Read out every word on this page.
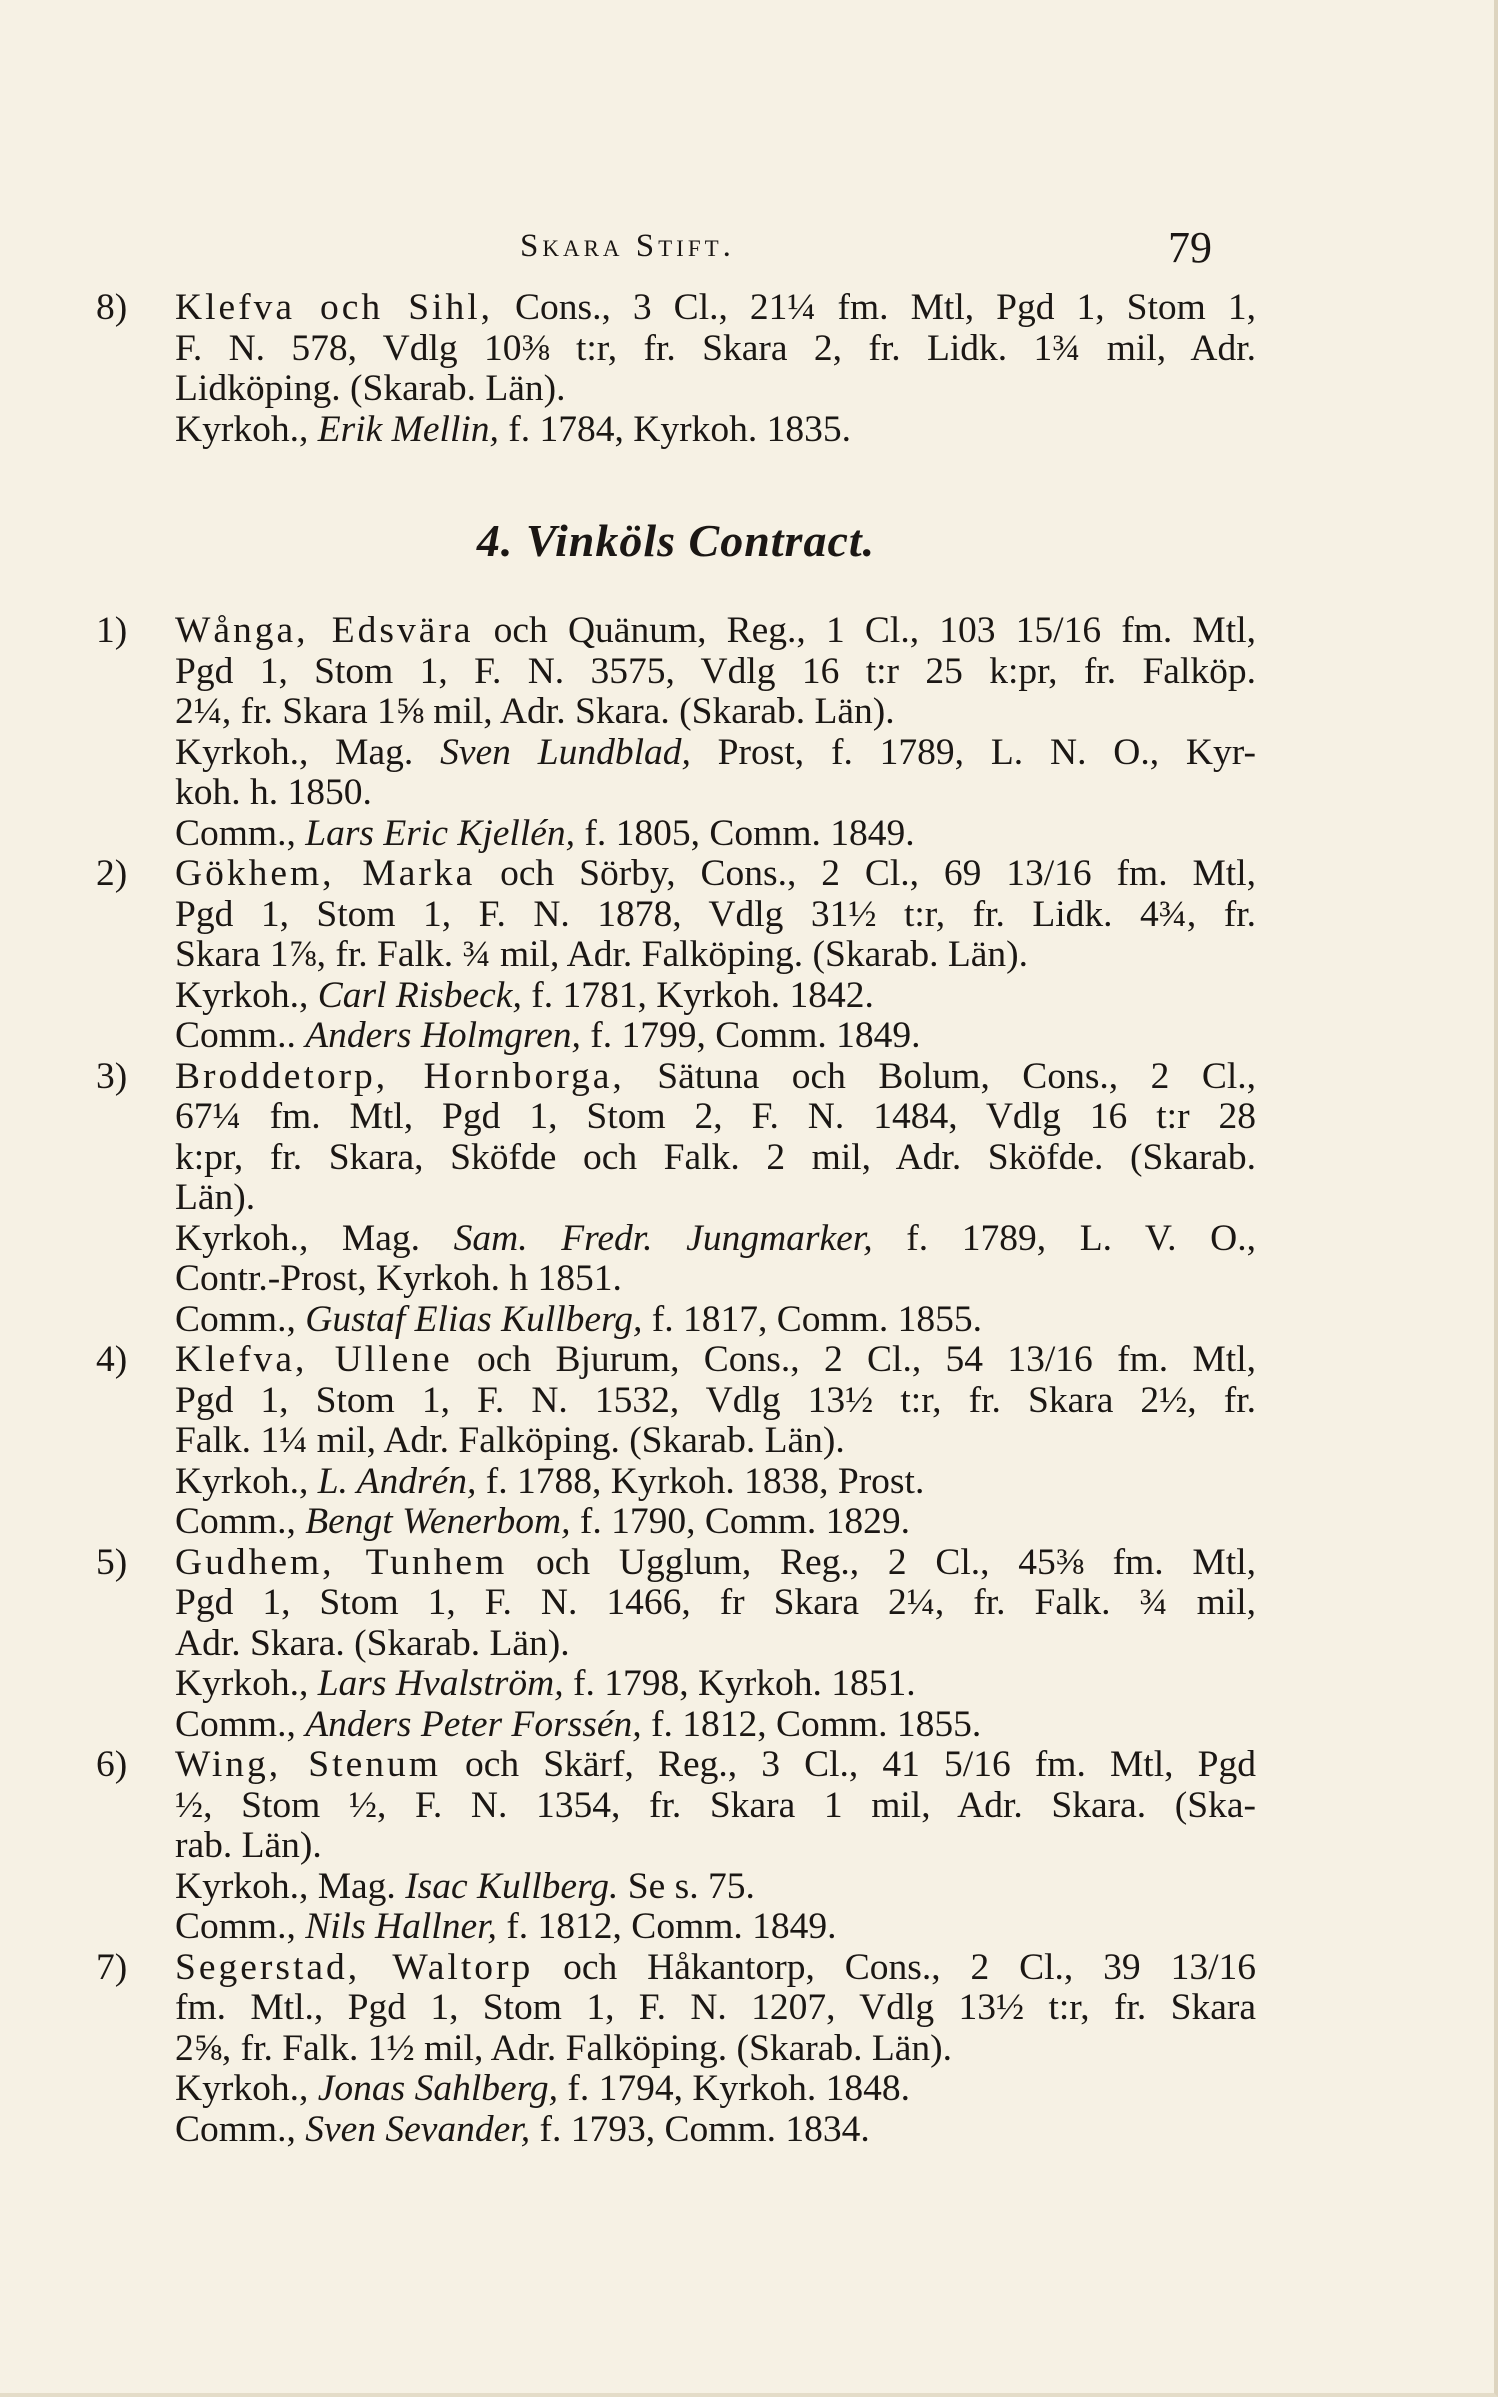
Skara Stift.	79
8) Klefva och Sihl, Cons., 3 Cl., 21¼ fm. Mtl, Pgd 1, Stom 1,
F. N. 578, Vdlg 10⅜ t:r, fr. Skara 2, fr. Lidk. 1¾ mil, Adr.
Lidköping. (Skarab. Län).
Kyrkoh., Erik Mellin, f. 1784, Kyrkoh. 1835.
4. Vinköls Contract.
1) Wånga, Edsvära och Quänum, Reg., 1 Cl., 103 15/16 fm. Mtl,
Pgd 1, Stom 1, F. N. 3575, Vdlg 16 t:r 25 k:pr, fr. Falköp.
2¼, fr. Skara 1⅝ mil, Adr. Skara. (Skarab. Län).
Kyrkoh., Mag. Sven Lundblad, Prost, f. 1789, L. N. O., Kyr-
koh. h. 1850.
Comm., Lars Eric Kjellén, f. 1805, Comm. 1849.
2) Gökhem, Marka och Sörby, Cons., 2 Cl., 69 13/16 fm. Mtl,
Pgd 1, Stom 1, F. N. 1878, Vdlg 31½ t:r, fr. Lidk. 4¾, fr.
Skara 1⅞, fr. Falk. ¾ mil, Adr. Falköping. (Skarab. Län).
Kyrkoh., Carl Risbeck, f. 1781, Kyrkoh. 1842.
Comm.. Anders Holmgren, f. 1799, Comm. 1849.
3) Broddetorp, Hornborga, Sätuna och Bolum, Cons., 2 Cl.,
67¼ fm. Mtl, Pgd 1, Stom 2, F. N. 1484, Vdlg 16 t:r 28
k:pr, fr. Skara, Sköfde och Falk. 2 mil, Adr. Sköfde. (Skarab.
Län).
Kyrkoh., Mag. Sam. Fredr. Jungmarker, f. 1789, L. V. O.,
Contr.-Prost, Kyrkoh. h 1851.
Comm., Gustaf Elias Kullberg, f. 1817, Comm. 1855.
4) Klefva, Ullene och Bjurum, Cons., 2 Cl., 54 13/16 fm. Mtl,
Pgd 1, Stom 1, F. N. 1532, Vdlg 13½ t:r, fr. Skara 2½, fr.
Falk. 1¼ mil, Adr. Falköping. (Skarab. Län).
Kyrkoh., L. Andrén, f. 1788, Kyrkoh. 1838, Prost.
Comm., Bengt Wenerbom, f. 1790, Comm. 1829.
5) Gudhem, Tunhem och Ugglum, Reg., 2 Cl., 45⅜ fm. Mtl,
Pgd 1, Stom 1, F. N. 1466, fr Skara 2¼, fr. Falk. ¾ mil,
Adr. Skara. (Skarab. Län).
Kyrkoh., Lars Hvalström, f. 1798, Kyrkoh. 1851.
Comm., Anders Peter Forssén, f. 1812, Comm. 1855.
6) Wing, Stenum och Skärf, Reg., 3 Cl., 41 5/16 fm. Mtl, Pgd
½, Stom ½, F. N. 1354, fr. Skara 1 mil, Adr. Skara. (Ska-
rab. Län).
Kyrkoh., Mag. Isac Kullberg. Se s. 75.
Comm., Nils Hallner, f. 1812, Comm. 1849.
7) Segerstad, Waltorp och Håkantorp, Cons., 2 Cl., 39 13/16
fm. Mtl., Pgd 1, Stom 1, F. N. 1207, Vdlg 13½ t:r, fr. Skara
2⅝, fr. Falk. 1½ mil, Adr. Falköping. (Skarab. Län).
Kyrkoh., Jonas Sahlberg, f. 1794, Kyrkoh. 1848.
Comm., Sven Sevander, f. 1793, Comm. 1834.
